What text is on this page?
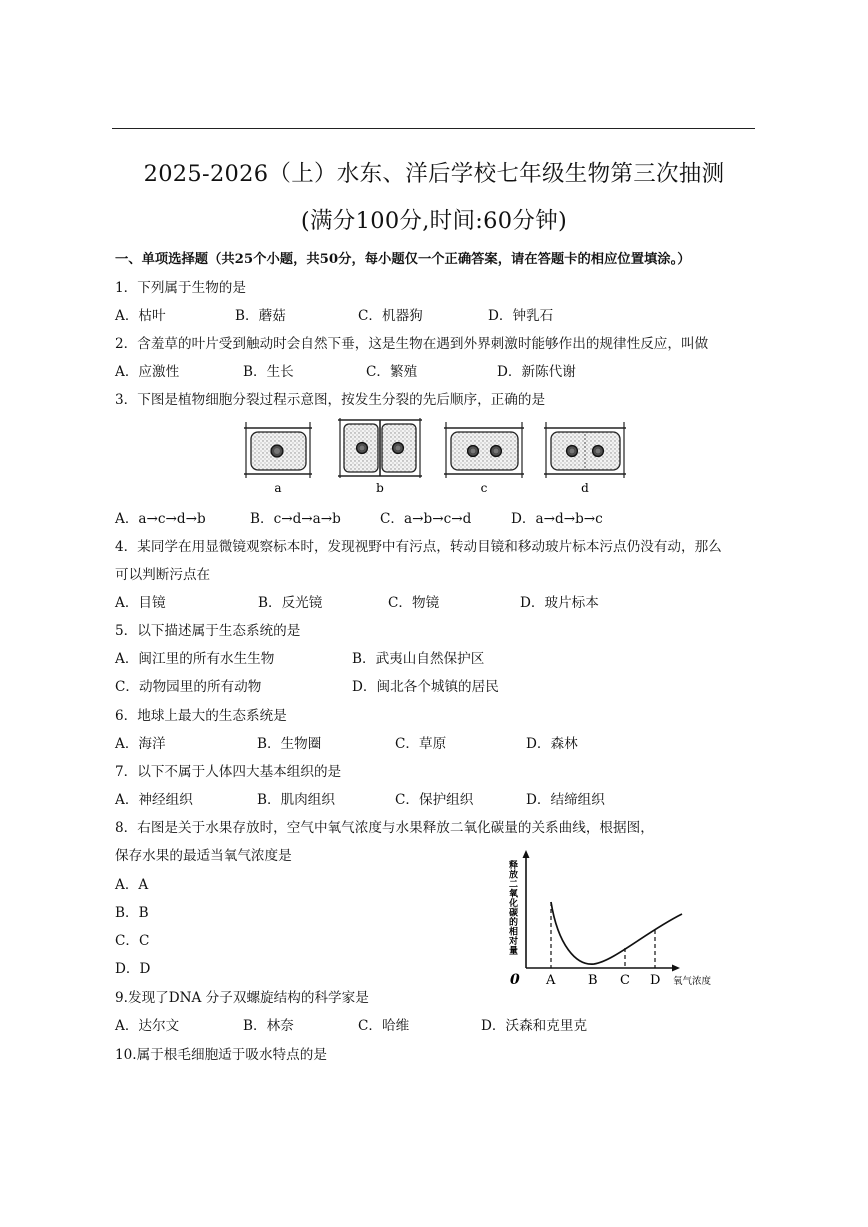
2025-2026（上）水东、洋后学校七年级生物第三次抽测
(满分100分,时间:60分钟)
一、单项选择题（共25个小题，共50分，每小题仅一个正确答案，请在答题卡的相应位置填涂。）
1．下列属于生物的是
A．枯叶	B．蘑菇	C．机器狗	D．钟乳石
2．含羞草的叶片受到触动时会自然下垂，这是生物在遇到外界刺激时能够作出的规律性反应，叫做
A．应激性	B．生长	C．繁殖	D．新陈代谢
3．下图是植物细胞分裂过程示意图，按发生分裂的先后顺序，正确的是
a	b	c	d
A．a→c→d→b	B．c→d→a→b	C．a→b→c→d	D．a→d→b→c
4．某同学在用显微镜观察标本时，发现视野中有污点，转动目镜和移动玻片标本污点仍没有动，那么
可以判断污点在
A．目镜	B．反光镜	C．物镜	D．玻片标本
5．以下描述属于生态系统的是
A．闽江里的所有水生生物	B．武夷山自然保护区
C．动物园里的所有动物	D．闽北各个城镇的居民
6．地球上最大的生态系统是
A．海洋	B．生物圈	C．草原	D．森林
7．以下不属于人体四大基本组织的是
A．神经组织	B．肌肉组织	C．保护组织	D．结缔组织
8．右图是关于水果存放时，空气中氧气浓度与水果释放二氧化碳量的关系曲线，根据图，
保存水果的最适当氧气浓度是
A．A
B．B
C．C
D．D
释放二氧化碳的相对量
0 A	B C D 氧气浓度
9.发现了DNA 分子双螺旋结构的科学家是
A．达尔文	B．林奈	C．哈维	D．沃森和克里克
10.属于根毛细胞适于吸水特点的是
